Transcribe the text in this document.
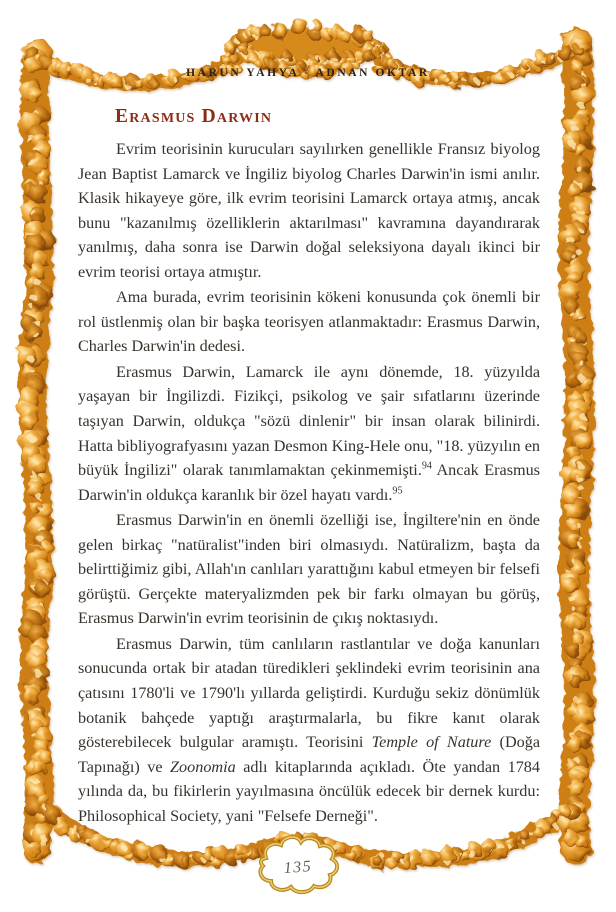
135
HARUN YAHYA - ADNAN OKTAR
Erasmus Darwin

Evrim teorisinin kurucuları sayılırken genellikle Fransız biyolog Jean Baptist Lamarck ve İngiliz biyolog Charles Darwin'in ismi anılır. Klasik hikayeye göre, ilk evrim teorisini Lamarck ortaya atmış, ancak bunu "kazanılmış özelliklerin aktarılması" kavramına dayandırarak yanılmış, daha sonra ise Darwin doğal seleksiyona dayalı ikinci bir evrim teorisi ortaya atmıştır.

Ama burada, evrim teorisinin kökeni konusunda çok önemli bir rol üstlenmiş olan bir başka teorisyen atlanmaktadır: Erasmus Darwin, Charles Darwin'in dedesi.

Erasmus Darwin, Lamarck ile aynı dönemde, 18. yüzyılda yaşayan bir İngilizdi. Fizikçi, psikolog ve şair sıfatlarını üzerinde taşıyan Darwin, oldukça "sözü dinlenir" bir insan olarak bilinirdi. Hatta bibliyografyasını yazan Desmon King-Hele onu, "18. yüzyılın en büyük İngilizi" olarak tanımlamaktan çekinmemişti.$^{94}$ Ancak Erasmus Darwin'in oldukça karanlık bir özel hayatı vardı.$^{95}$

Erasmus Darwin'in en önemli özelliği ise, İngiltere'nin en önde gelen birkaç "natüralist"inden biri olmasıydı. Natüralizm, başta da belirttiğimiz gibi, Allah'ın canlıları yarattığını kabul etmeyen bir felsefi görüştü. Gerçekte materyalizmden pek bir farkı olmayan bu görüş, Erasmus Darwin'in evrim teorisinin de çıkış noktasıydı.

Erasmus Darwin, tüm canlıların rastlantılar ve doğa kanunları sonucunda ortak bir atadan türedikleri şeklindeki evrim teorisinin ana çatısını 1780'li ve 1790'lı yıllarda geliştirdi. Kurduğu sekiz dönümlük botanik bahçede yaptığı araştırmalarla, bu fikre kanıt olarak gösterebilecek bulgular aramıştı. Teorisini Temple of Nature (Doğa Tapınağı) ve Zoonomia adlı kitaplarında açıkladı. Öte yandan 1784 yılında da, bu fikirlerin yayılmasına öncülük edecek bir dernek kurdu: Philosophical Society, yani "Felsefe Derneği".
